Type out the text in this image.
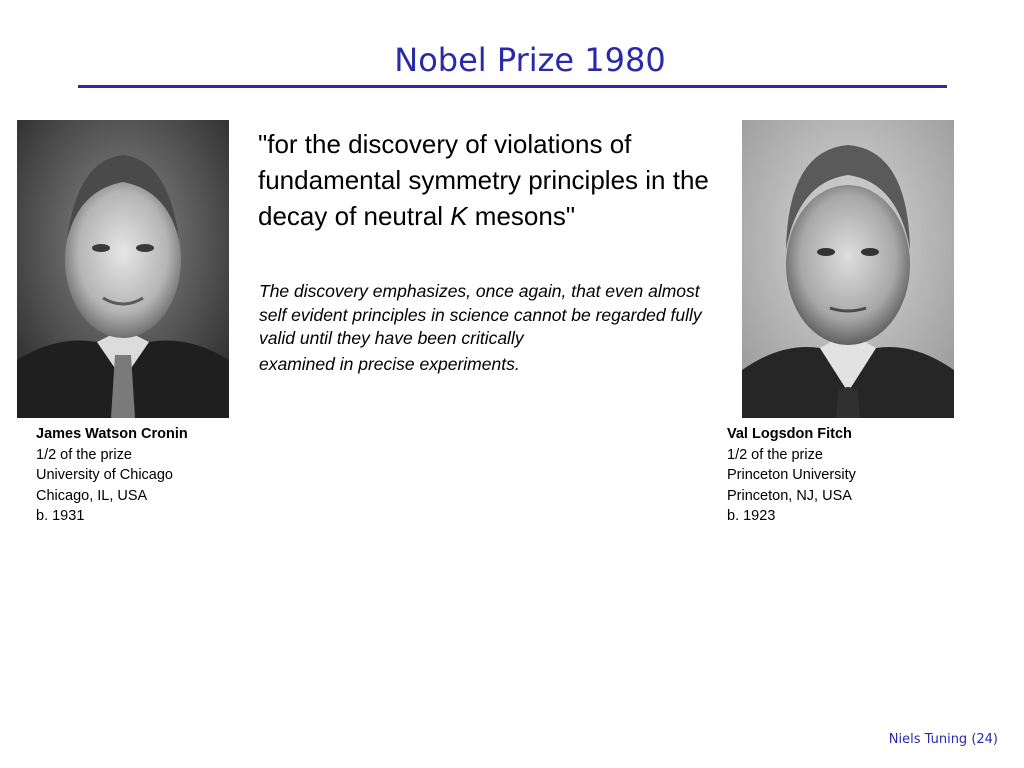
Nobel Prize 1980

"for the discovery of violations of fundamental symmetry principles in the decay of neutral K mesons"

The discovery emphasizes, once again, that even almost self evident principles in science cannot be regarded fully valid until they have been critically
examined in precise experiments.

James Watson Cronin
1/2 of the prize
University of Chicago
Chicago, IL, USA
b. 1931
Val Logsdon Fitch
1/2 of the prize
Princeton University
Princeton, NJ, USA
b. 1923
Niels Tuning (24)
